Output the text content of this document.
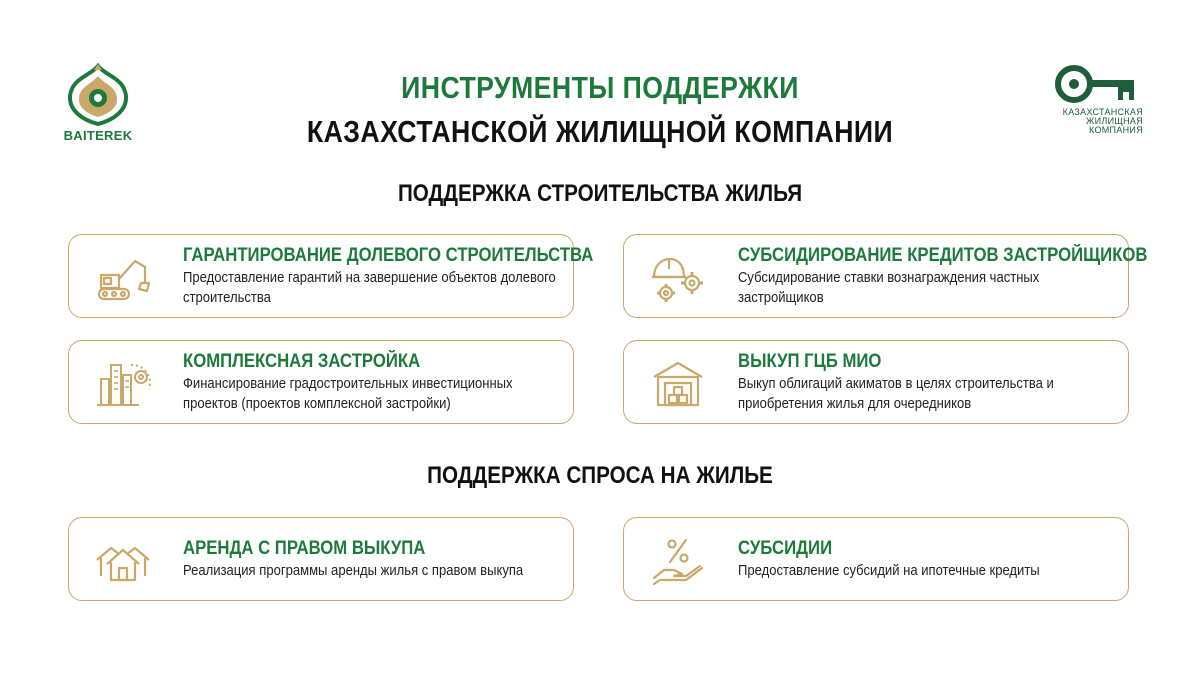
BAITEREK
КАЗАХСТАНСКАЯ
ЖИЛИЩНАЯ
КОМПАНИЯ
ИНСТРУМЕНТЫ ПОДДЕРЖКИ
КАЗАХСТАНСКОЙ ЖИЛИЩНОЙ КОМПАНИИ
ПОДДЕРЖКА СТРОИТЕЛЬСТВА ЖИЛЬЯ
ГАРАНТИРОВАНИЕ ДОЛЕВОГО СТРОИТЕЛЬСТВА
Предоставление гарантий на завершение объектов долевого строительства
СУБСИДИРОВАНИЕ КРЕДИТОВ ЗАСТРОЙЩИКОВ
Субсидирование ставки вознаграждения частных застройщиков
КОМПЛЕКСНАЯ ЗАСТРОЙКА
Финансирование градостроительных инвестиционных проектов (проектов комплексной застройки)
ВЫКУП ГЦБ МИО
Выкуп облигаций акиматов в целях строительства и приобретения жилья для очередников
ПОДДЕРЖКА СПРОСА НА ЖИЛЬЕ
АРЕНДА С ПРАВОМ ВЫКУПА
Реализация программы аренды жилья с правом выкупа
СУБСИДИИ
Предоставление субсидий на ипотечные кредиты
